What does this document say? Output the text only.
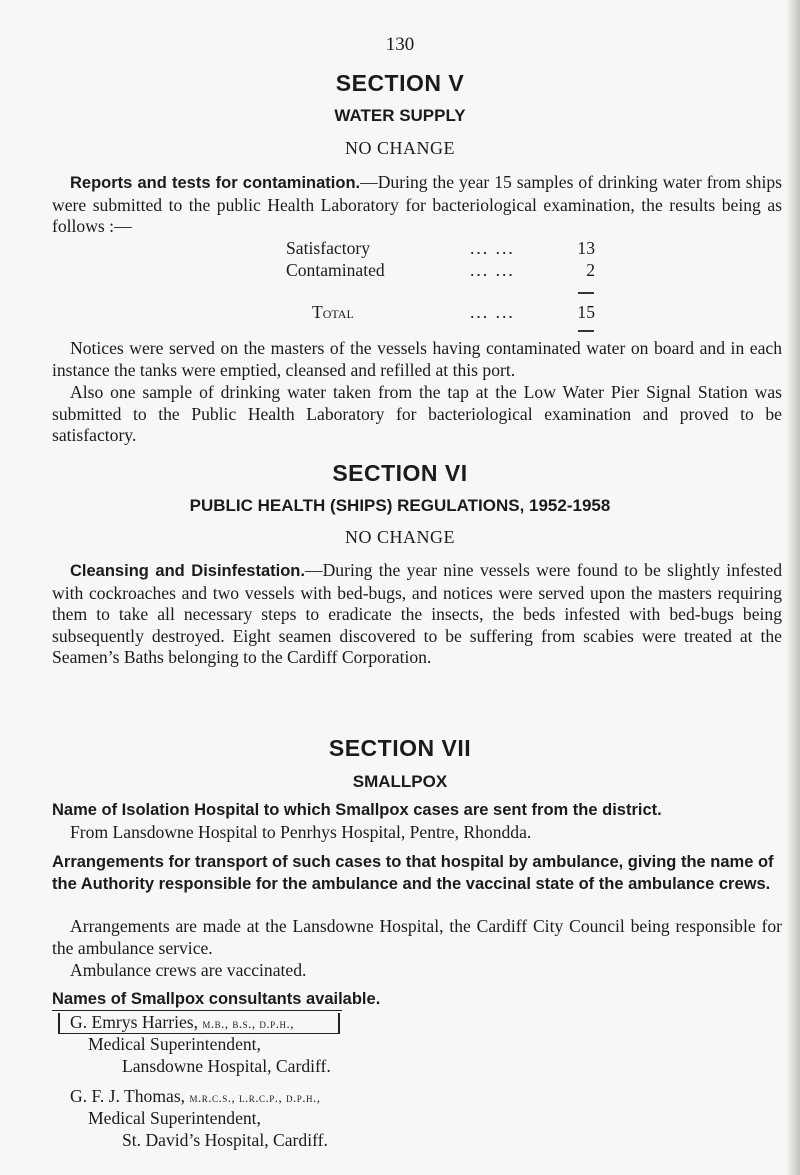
130
SECTION V
WATER SUPPLY
NO CHANGE
Reports and tests for contamination.—During the year 15 samples of drinking water from ships were submitted to the public Health Laboratory for bacteriological examination, the results being as follows :—
Satisfactory	... ...	13
Contaminated	... ...	2
Total	... ...	15
Notices were served on the masters of the vessels having contaminated water on board and in each instance the tanks were emptied, cleansed and refilled at this port.
Also one sample of drinking water taken from the tap at the Low Water Pier Signal Station was submitted to the Public Health Laboratory for bacteriological examination and proved to be satisfactory.
SECTION VI
PUBLIC HEALTH (SHIPS) REGULATIONS, 1952-1958
NO CHANGE
Cleansing and Disinfestation.—During the year nine vessels were found to be slightly infested with cockroaches and two vessels with bed-bugs, and notices were served upon the masters requiring them to take all necessary steps to eradicate the insects, the beds infested with bed-bugs being subsequently destroyed. Eight seamen discovered to be suffering from scabies were treated at the Seamen’s Baths belonging to the Cardiff Corporation.
SECTION VII
SMALLPOX
Name of Isolation Hospital to which Smallpox cases are sent from the district.
From Lansdowne Hospital to Penrhys Hospital, Pentre, Rhondda.
Arrangements for transport of such cases to that hospital by ambulance, giving the name of the Authority responsible for the ambulance and the vaccinal state of the ambulance crews.
Arrangements are made at the Lansdowne Hospital, the Cardiff City Council being responsible for the ambulance service.
Ambulance crews are vaccinated.
Names of Smallpox consultants available.
G. Emrys Harries, m.b., b.s., d.p.h.,
Medical Superintendent,
Lansdowne Hospital, Cardiff.
G. F. J. Thomas, m.r.c.s., l.r.c.p., d.p.h.,
Medical Superintendent,
St. David’s Hospital, Cardiff.
